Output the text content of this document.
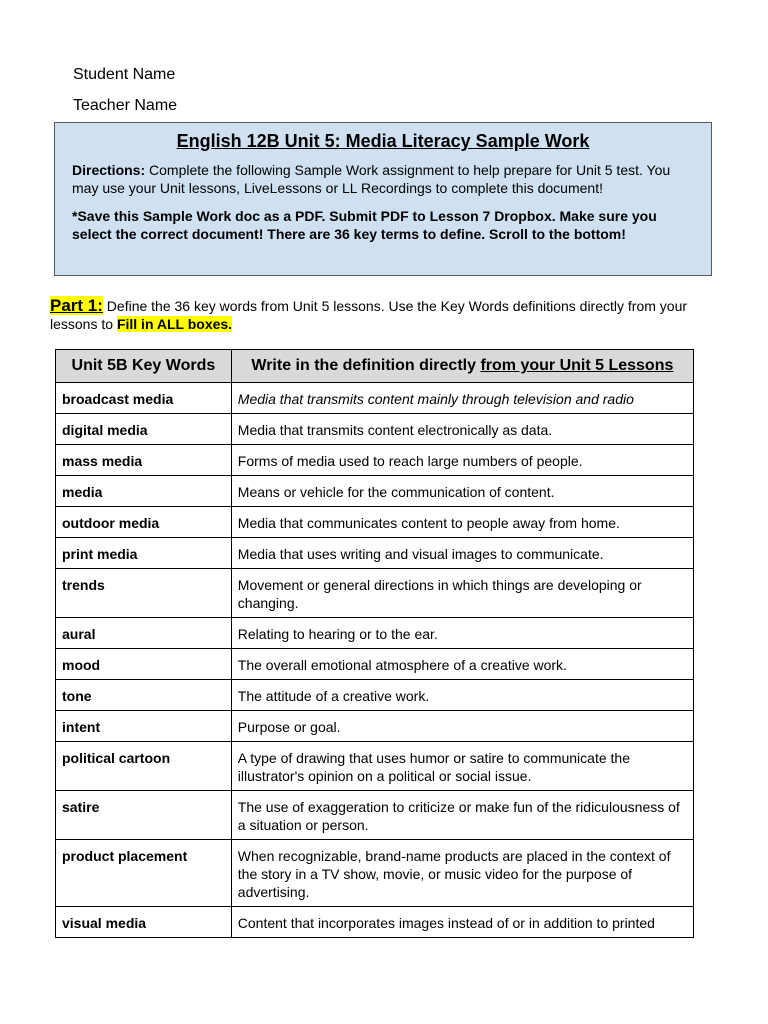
Student Name
Teacher Name
English 12B Unit 5: Media Literacy Sample Work

Directions: Complete the following Sample Work assignment to help prepare for Unit 5 test. You may use your Unit lessons, LiveLessons or LL Recordings to complete this document!

*Save this Sample Work doc as a PDF. Submit PDF to Lesson 7 Dropbox. Make sure you select the correct document! There are 36 key terms to define. Scroll to the bottom!

Part 1: Define the 36 key words from Unit 5 lessons. Use the Key Words definitions directly from your lessons to Fill in ALL boxes.
Unit 5B Key Words	Write in the definition directly from your Unit 5 Lessons
broadcast media	Media that transmits content mainly through television and radio
digital media	Media that transmits content electronically as data.
mass media	Forms of media used to reach large numbers of people.
media	Means or vehicle for the communication of content.
outdoor media	Media that communicates content to people away from home.
print media	Media that uses writing and visual images to communicate.
trends	Movement or general directions in which things are developing or changing.
aural	Relating to hearing or to the ear.
mood	The overall emotional atmosphere of a creative work.
tone	The attitude of a creative work.
intent	Purpose or goal.
political cartoon	A type of drawing that uses humor or satire to communicate the illustrator's opinion on a political or social issue.
satire	The use of exaggeration to criticize or make fun of the ridiculousness of a situation or person.
product placement	When recognizable, brand-name products are placed in the context of the story in a TV show, movie, or music video for the purpose of advertising.
visual media	Content that incorporates images instead of or in addition to printed
